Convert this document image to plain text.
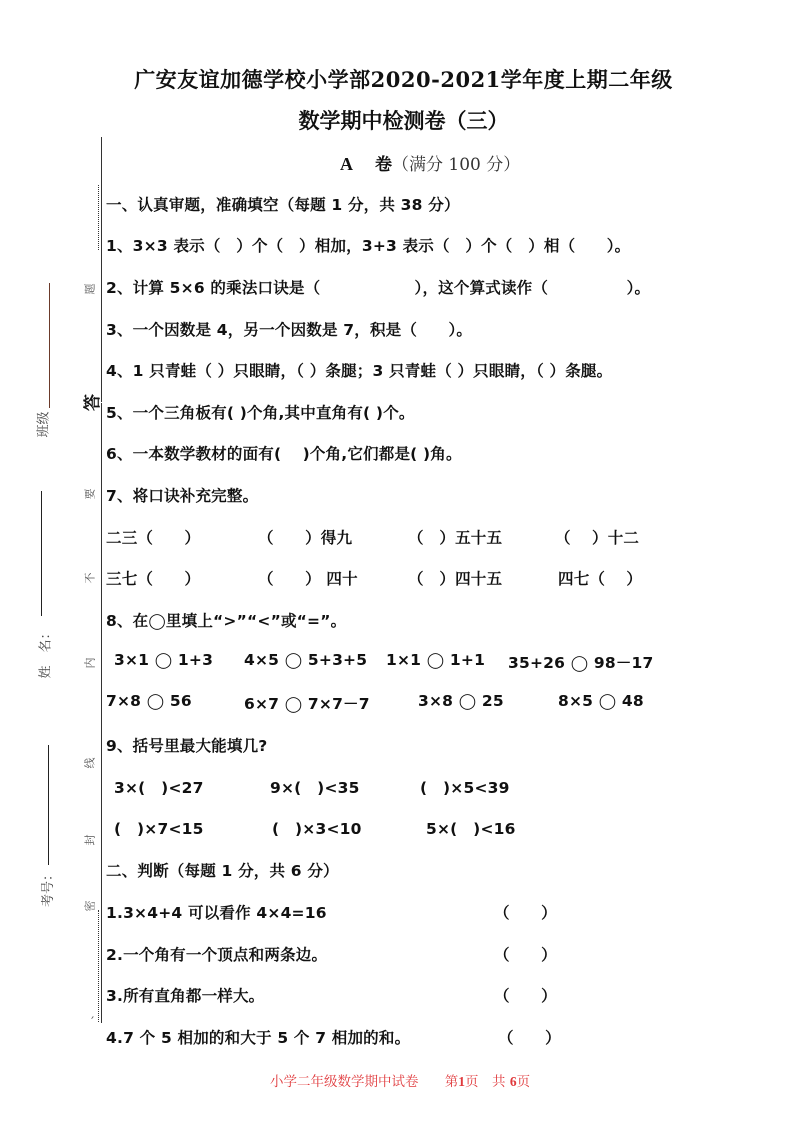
广安友谊加德学校小学部2020-2021学年度上期二年级
数学期中检测卷（三）
A 卷（满分 100 分）
′
题
答
要
不
内
线
封
密
班级
姓　名：
考号：
一、认真审题，准确填空（每题 1 分，共 38 分）
1、3×3 表示（　）个（　）相加，3+3 表示（　）个（　）相（　　）。
2、计算 5×6 的乘法口诀是（　　　　　　），这个算式读作（　　　　　）。
3、一个因数是 4，另一个因数是 7，积是（　　）。
4、1 只青蛙（ ）只眼睛，（ ）条腿；3 只青蛙（ ）只眼睛，（ ）条腿。
5、一个三角板有( )个角,其中直角有( )个。
6、一本数学教材的面有(　 )个角,它们都是( )角。
7、将口诀补充完整。
二三（　　）	（　　）得九	（　）五十五	（　 ）十二
三七（　　）	（　　） 四十	（　）四十五	四七（　 ）
8、在◯里填上“>”“<”或“=”。
3×1 ◯ 1+3 4×5 ◯ 5+3+5 1×1 ◯ 1+1 35+26 ◯ 98－17
7×8 ◯ 56	6×7 ◯ 7×7－7	3×8 ◯ 25	8×5 ◯ 48
9、括号里最大能填几?
3×(　)<27	9×(　)<35	(　)×5<39
(　)×7<15	(　)×3<10	5×(　)<16
二、判断（每题 1 分，共 6 分）
1.3×4+4 可以看作 4×4=16	（　　）
2.一个角有一个顶点和两条边。	（　　）
3.所有直角都一样大。	（　　）
4.7 个 5 相加的和大于 5 个 7 相加的和。	（　　）
小学二年级数学期中试卷 第1页　共 6页
